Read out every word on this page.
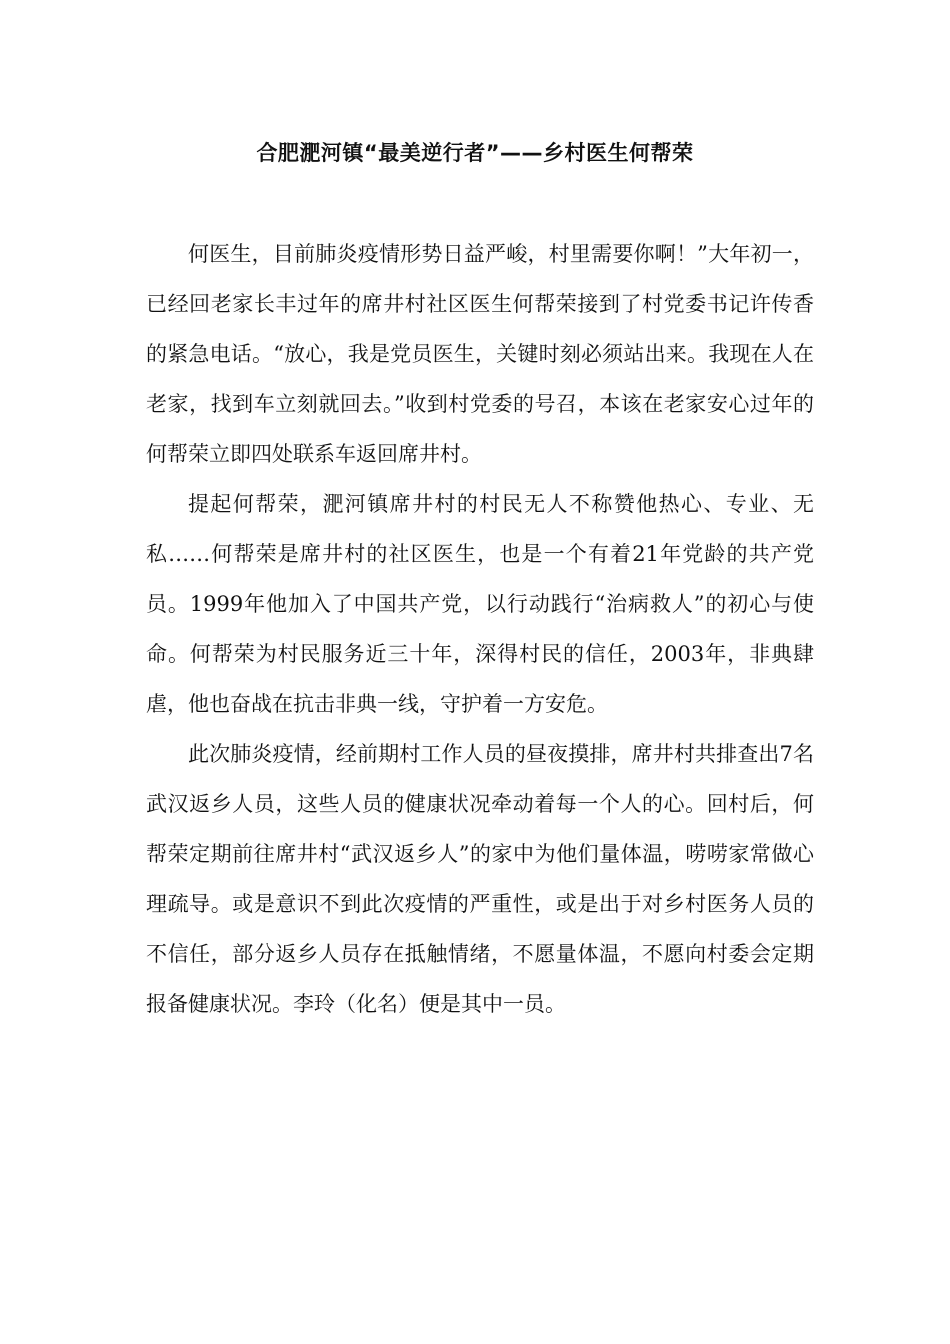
合肥淝河镇“最美逆行者”——乡村医生何帮荣

何医生，目前肺炎疫情形势日益严峻，村里需要你啊！”大年初一，已经回老家长丰过年的席井村社区医生何帮荣接到了村党委书记许传香的紧急电话。“放心，我是党员医生，关键时刻必须站出来。我现在人在老家，找到车立刻就回去。”收到村党委的号召，本该在老家安心过年的何帮荣立即四处联系车返回席井村。

提起何帮荣，淝河镇席井村的村民无人不称赞他热心、专业、无私……何帮荣是席井村的社区医生，也是一个有着21年党龄的共产党员。1999年他加入了中国共产党，以行动践行“治病救人”的初心与使命。何帮荣为村民服务近三十年，深得村民的信任，2003年，非典肆虐，他也奋战在抗击非典一线，守护着一方安危。

此次肺炎疫情，经前期村工作人员的昼夜摸排，席井村共排查出7名武汉返乡人员，这些人员的健康状况牵动着每一个人的心。回村后，何帮荣定期前往席井村“武汉返乡人”的家中为他们量体温，唠唠家常做心理疏导。或是意识不到此次疫情的严重性，或是出于对乡村医务人员的不信任，部分返乡人员存在抵触情绪，不愿量体温，不愿向村委会定期报备健康状况。李玲（化名）便是其中一员。
